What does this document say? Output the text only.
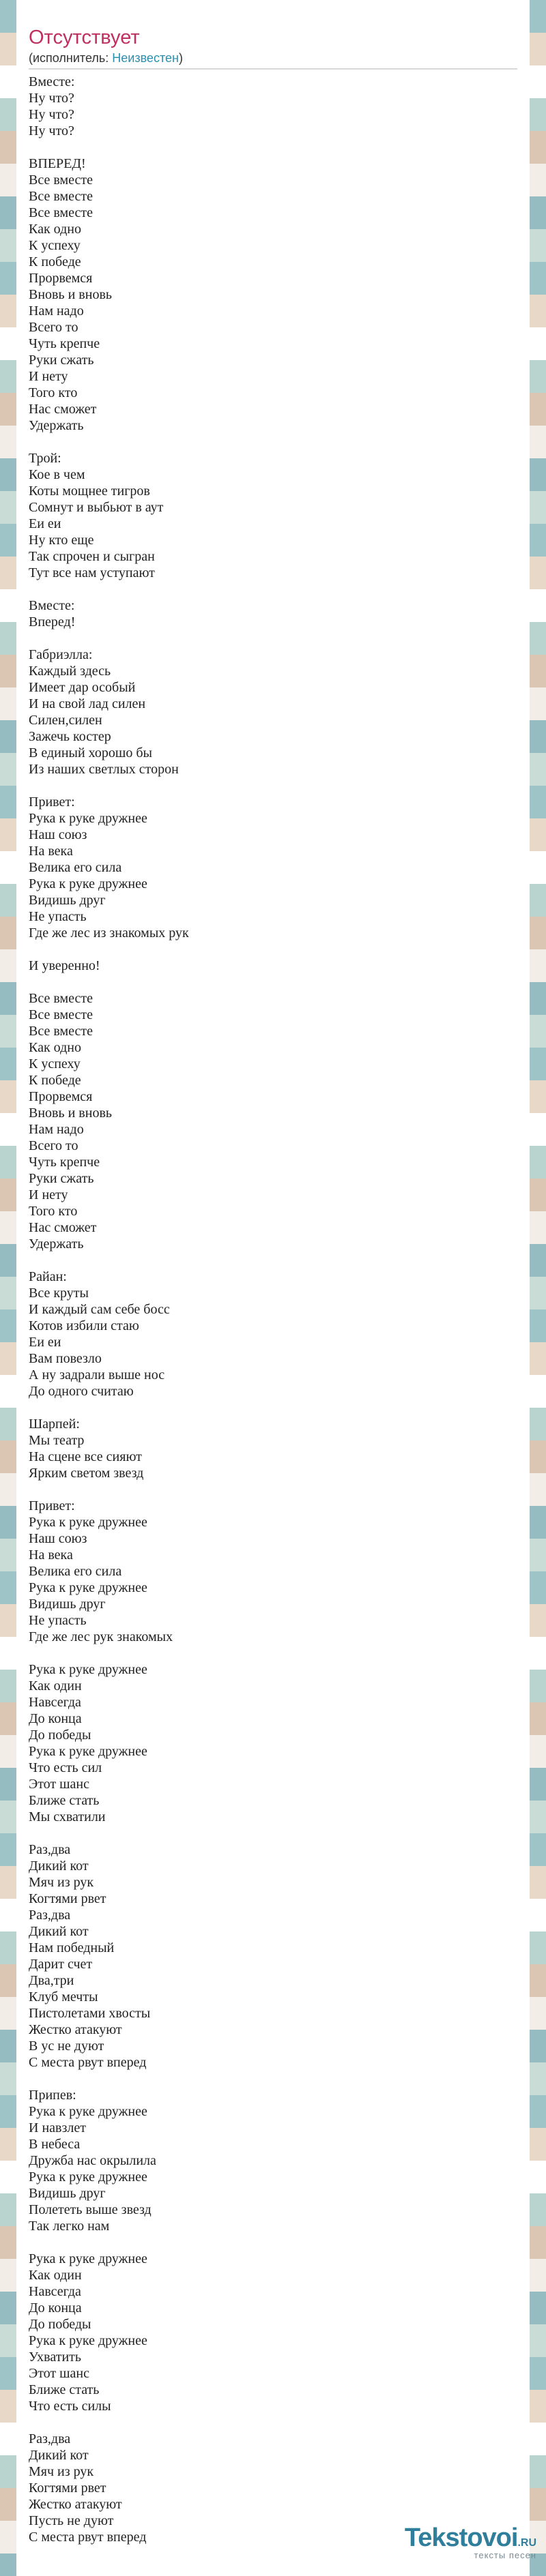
Отсутствует
(исполнитель: Неизвестен)
Вместе:
Ну что?
Ну что?
Ну что?

ВПЕРЕД!
Все вместе
Все вместе
Все вместе
Как одно
К успеху
К победе
Прорвемся
Вновь и вновь
Нам надо
Всего то
Чуть крепче
Руки сжать
И нету
Того кто
Нас сможет
Удержать

Трой:
Кое в чем
Коты мощнее тигров
Сомнут и выбьют в аут
Еи еи
Ну кто еще
Так спрочен и сыгран
Тут все нам уступают

Вместе:
Вперед!

Габриэлла:
Каждый здесь
Имеет дар особый
И на свой лад силен
Силен,силен
Зажечь костер
В единый хорошо бы
Из наших светлых сторон

Привет:
Рука к руке дружнее
Наш союз
На века
Велика его сила
Рука к руке дружнее
Видишь друг
Не упасть
Где же лес из знакомых рук

И уверенно!

Все вместе
Все вместе
Все вместе
Как одно
К успеху
К победе
Прорвемся
Вновь и вновь
Нам надо
Всего то
Чуть крепче
Руки сжать
И нету
Того кто
Нас сможет
Удержать

Райан:
Все круты
И каждый сам себе босс
Котов избили стаю
Еи еи
Вам повезло
А ну задрали выше нос
До одного считаю

Шарпей:
Мы театр
На сцене все сияют
Ярким светом звезд

Привет:
Рука к руке дружнее
Наш союз
На века
Велика его сила
Рука к руке дружнее
Видишь друг
Не упасть
Где же лес рук знакомых

Рука к руке дружнее
Как один
Навсегда
До конца
До победы
Рука к руке дружнее
Что есть сил
Этот шанс
Ближе стать
Мы схватили

Раз,два
Дикий кот
Мяч из рук
Когтями рвет
Раз,два
Дикий кот
Нам победный
Дарит счет
Два,три
Клуб мечты
Пистолетами хвосты
Жестко атакуют
В ус не дуют
С места рвут вперед

Припев:
Рука к руке дружнее
И навзлет
В небеса
Дружба нас окрылила
Рука к руке дружнее
Видишь друг
Полететь выше звезд
Так легко нам

Рука к руке дружнее
Как один
Навсегда
До конца
До победы
Рука к руке дружнее
Ухватить
Этот шанс
Ближе стать
Что есть силы

Раз,два
Дикий кот
Мяч из рук
Когтями рвет
Жестко атакуют
Пусть не дуют
С места рвут вперед	Tekstovoi.RU
тексты песен
